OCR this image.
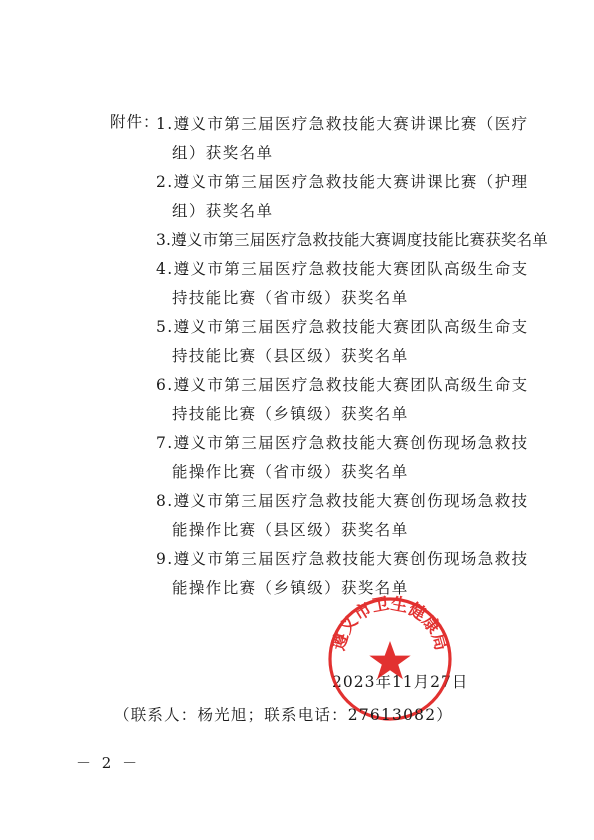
附件：
1.遵义市第三届医疗急救技能大赛讲课比赛（医疗
组）获奖名单
2.遵义市第三届医疗急救技能大赛讲课比赛（护理
组）获奖名单
3.遵义市第三届医疗急救技能大赛调度技能比赛获奖名单
4.遵义市第三届医疗急救技能大赛团队高级生命支
持技能比赛（省市级）获奖名单
5.遵义市第三届医疗急救技能大赛团队高级生命支
持技能比赛（县区级）获奖名单
6.遵义市第三届医疗急救技能大赛团队高级生命支
持技能比赛（乡镇级）获奖名单
7.遵义市第三届医疗急救技能大赛创伤现场急救技
能操作比赛（省市级）获奖名单
8.遵义市第三届医疗急救技能大赛创伤现场急救技
能操作比赛（县区级）获奖名单
9.遵义市第三届医疗急救技能大赛创伤现场急救技
能操作比赛（乡镇级）获奖名单
2023年11月27日
遵义市卫生健康局
（联系人：杨光旭；联系电话：27613082）
－ 2 －
